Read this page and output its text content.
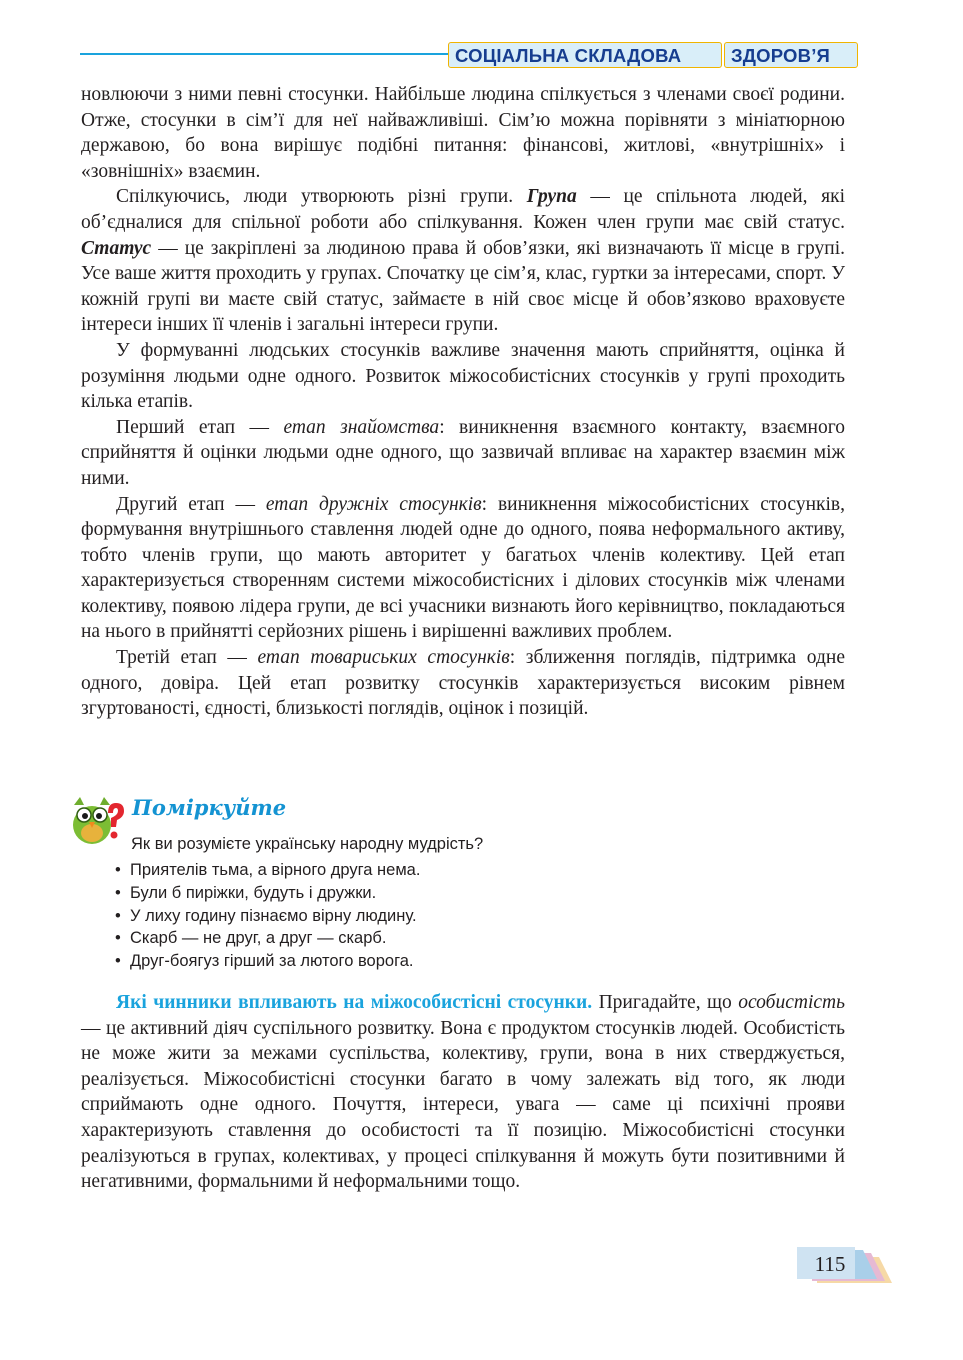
СОЦІАЛЬНА СКЛАДОВА	ЗДОРОВ’Я

новлюючи з ними певні стосунки. Найбільше людина спілкується з членами своєї родини. Отже, стосунки в сім’ї для неї найважливіші. Сім’ю можна порівняти з мініатюрною державою, бо вона вирішує подібні питання: фінансові, житлові, «внутрішніх» і «зовнішніх» взаємин.

Спілкуючись, люди утворюють різні групи. Група — це спільнота людей, які об’єдналися для спільної роботи або спілкування. Кожен член групи має свій статус. Статус — це закріплені за людиною права й обов’язки, які визначають її місце в групі. Усе ваше життя проходить у групах. Спочатку це сім’я, клас, гуртки за інтересами, спорт. У кожній групі ви маєте свій статус, займаєте в ній своє місце й обов’язково враховуєте інтереси інших її членів і загальні інтереси групи.

У формуванні людських стосунків важливе значення мають сприйняття, оцінка й розуміння людьми одне одного. Розвиток міжособистісних стосунків у групі проходить кілька етапів.

Перший етап — етап знайомства: виникнення взаємного контакту, взаємного сприйняття й оцінки людьми одне одного, що зазвичай впливає на характер взаємин між ними.

Другий етап — етап дружніх стосунків: виникнення міжособистісних стосунків, формування внутрішнього ставлення людей одне до одного, поява неформального активу, тобто членів групи, що мають авторитет у багатьох членів колективу. Цей етап характеризується створенням системи міжособистісних і ділових стосунків між членами колективу, появою лідера групи, де всі учасники визнають його керівництво, покладаються на нього в прийнятті серйозних рішень і вирішенні важливих проблем.

Третій етап — етап товариських стосунків: зближення поглядів, підтримка одне одного, довіра. Цей етап розвитку стосунків характеризується високим рівнем згуртованості, єдності, близькості поглядів, оцінок і позицій.

Поміркуйте
Як ви розумієте українську народну мудрість?
• Приятелів тьма, а вірного друга нема.
• Були б пиріжки, будуть і дружки.
• У лиху годину пізнаємо вірну людину.
• Скарб — не друг, а друг — скарб.
• Друг-боягуз гірший за лютого ворога.

Які чинники впливають на міжособистісні стосунки. Пригадайте, що особистість — це активний діяч суспільного розвитку. Вона є продуктом стосунків людей. Особистість не може жити за межами суспільства, колективу, групи, вона в них стверджується, реалізується. Міжособистісні стосунки багато в чому залежать від того, як люди сприймають одне одного. Почуття, інтереси, увага — саме ці психічні прояви характеризують ставлення до особистості та її позицію. Міжособистісні стосунки реалізуються в групах, колективах, у процесі спілкування й можуть бути позитивними й негативними, формальними й неформальними тощо.

115
